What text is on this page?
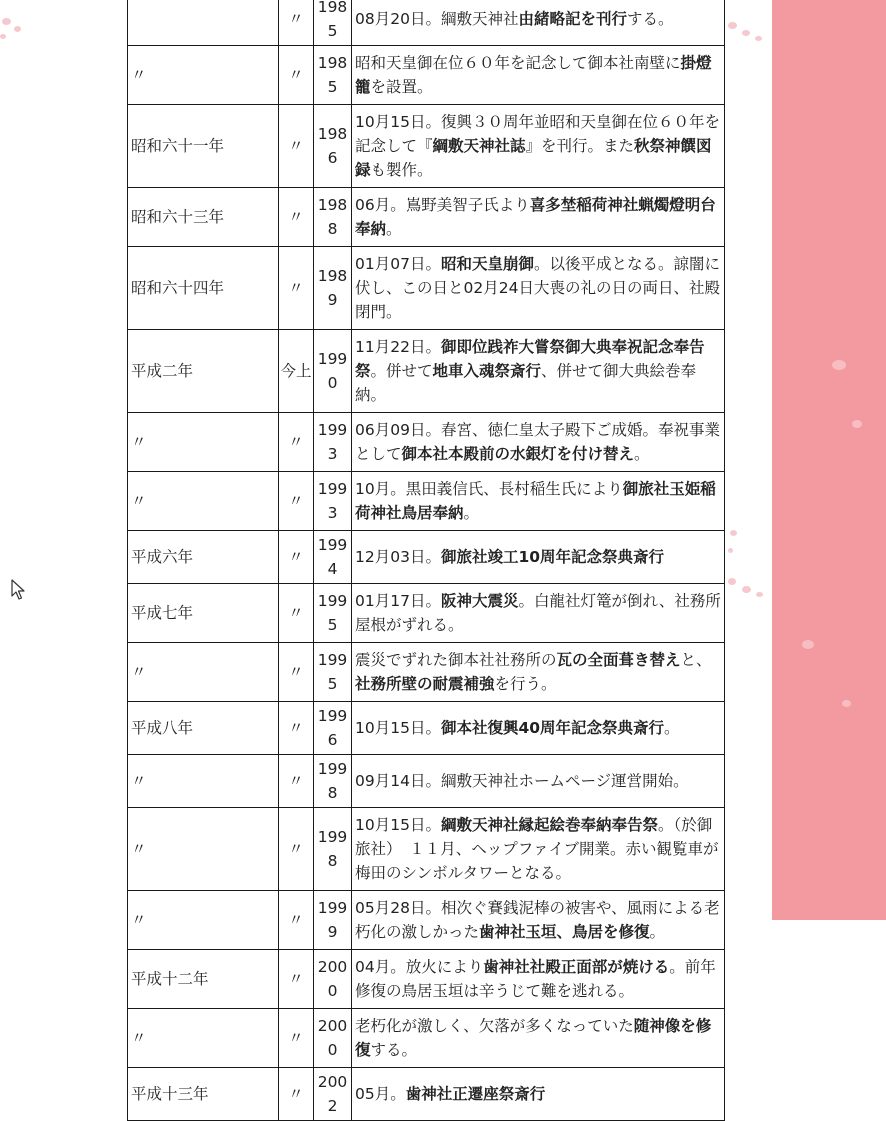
	〃	1985	08月20日。綱敷天神社由緒略記を刊行する。
〃	〃	1985	昭和天皇御在位６０年を記念して御本社南壁に掛燈籠を設置。
昭和六十一年	〃	1986	10月15日。復興３０周年並昭和天皇御在位６０年を記念して『綱敷天神社誌』を刊行。また秋祭神饌図録も製作。
昭和六十三年	〃	1988	06月。嶌野美智子氏より喜多埜稲荷神社蝋燭燈明台奉納。
昭和六十四年	〃	1989	01月07日。昭和天皇崩御。以後平成となる。諒闇に伏し、この日と02月24日大喪の礼の日の両日、社殿閉門。
平成二年	今上	1990	11月22日。御即位践祚大嘗祭御大典奉祝記念奉告祭。併せて地車入魂祭斎行、併せて御大典絵巻奉納。
〃	〃	1993	06月09日。春宮、徳仁皇太子殿下ご成婚。奉祝事業として御本社本殿前の水銀灯を付け替え。
〃	〃	1993	10月。黒田義信氏、長村稲生氏により御旅社玉姫稲荷神社鳥居奉納。
平成六年	〃	1994	12月03日。御旅社竣工10周年記念祭典斎行
平成七年	〃	1995	01月17日。阪神大震災。白龍社灯篭が倒れ、社務所屋根がずれる。
〃	〃	1995	震災でずれた御本社社務所の瓦の全面葺き替えと、社務所壁の耐震補強を行う。
平成八年	〃	1996	10月15日。御本社復興40周年記念祭典斎行。
〃	〃	1998	09月14日。綱敷天神社ホームページ運営開始。
〃	〃	1998	10月15日。綱敷天神社縁起絵巻奉納奉告祭。（於御旅社）　１１月、ヘップファイブ開業。赤い観覧車が梅田のシンボルタワーとなる。
〃	〃	1999	05月28日。相次ぐ賽銭泥棒の被害や、風雨による老朽化の激しかった歯神社玉垣、鳥居を修復。
平成十二年	〃	2000	04月。放火により歯神社社殿正面部が焼ける。前年修復の鳥居玉垣は辛うじて難を逃れる。
〃	〃	2000	老朽化が激しく、欠落が多くなっていた随神像を修復する。
平成十三年	〃	2002	05月。歯神社正遷座祭斎行
